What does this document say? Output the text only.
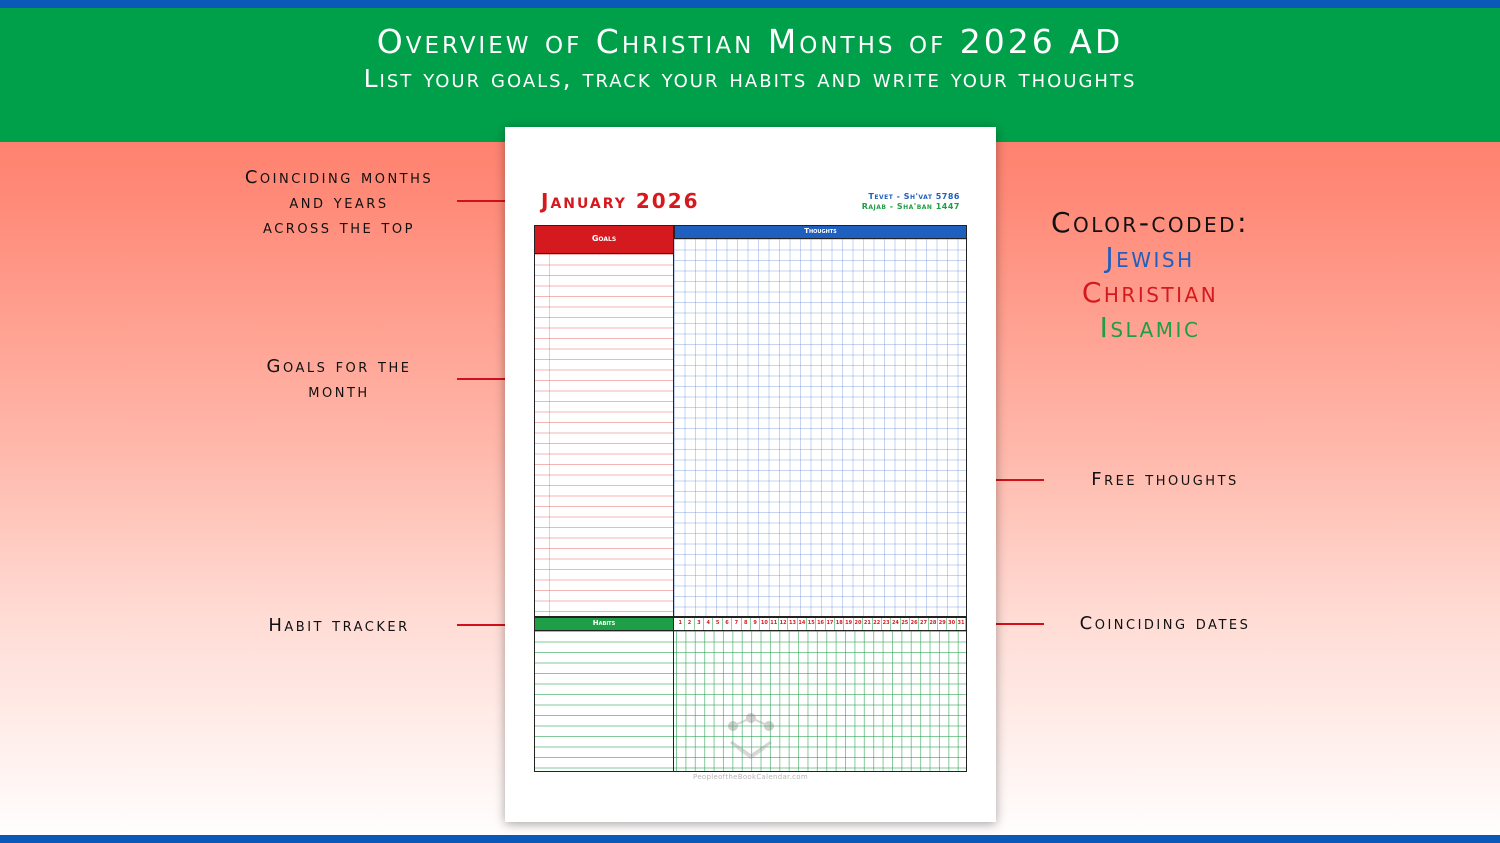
Overview of Christian Months of 2026 AD
List your goals, track your habits and write your thoughts
Coinciding months
and years
across the top
Goals for the
month
Habit tracker
Free thoughts
Coinciding dates
Color-coded:
Jewish
Christian
Islamic
January 2026	Tevet - Sh'vat 5786
Rajab - Sha'ban 1447
Goals
Thoughts
Habits	1	2	3	4	5	6	7	8	9 10 11 12 13 14 15 16 17 18 19 20 21 22 23 24 25 26 27 28 29 30 31
PeopleoftheBookCalendar.com
